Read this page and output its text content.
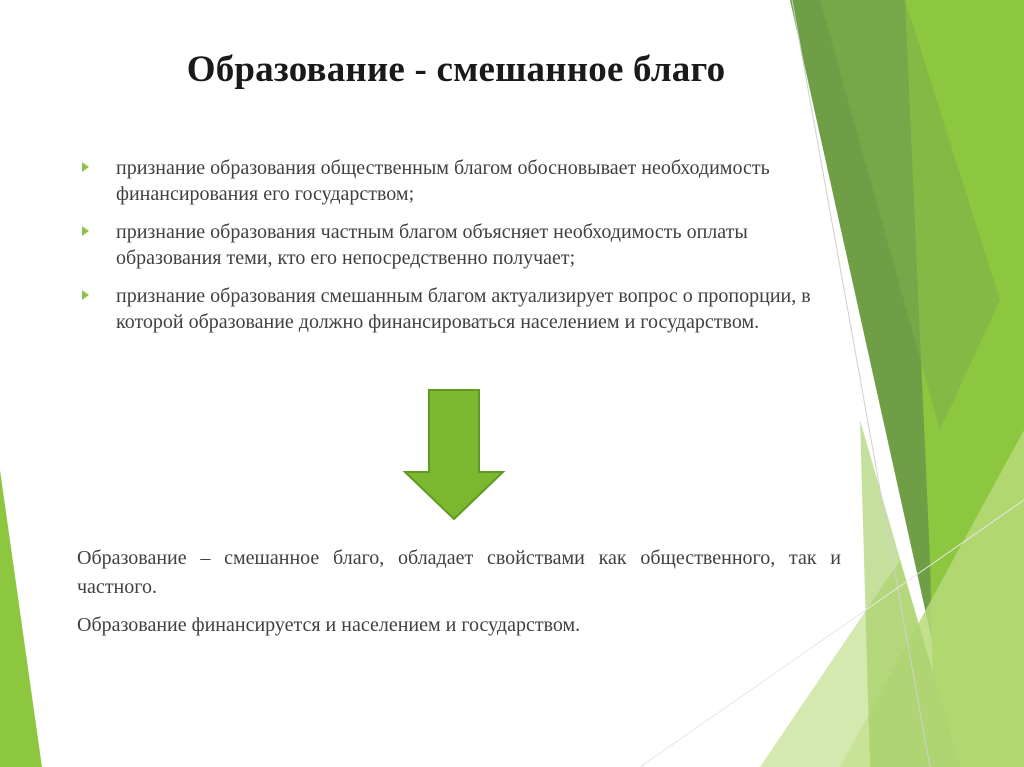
Образование - смешанное благо
признание образования общественным благом обосновывает необходимость финансирования его государством;
признание образования частным благом объясняет необходимость оплаты образования теми, кто его непосредственно получает;
признание образования смешанным благом актуализирует вопрос о пропорции, в которой образование должно финансироваться населением и государством.

Образование – смешанное благо, обладает свойствами как общественного, так и частного.

Образование финансируется и населением и государством.
